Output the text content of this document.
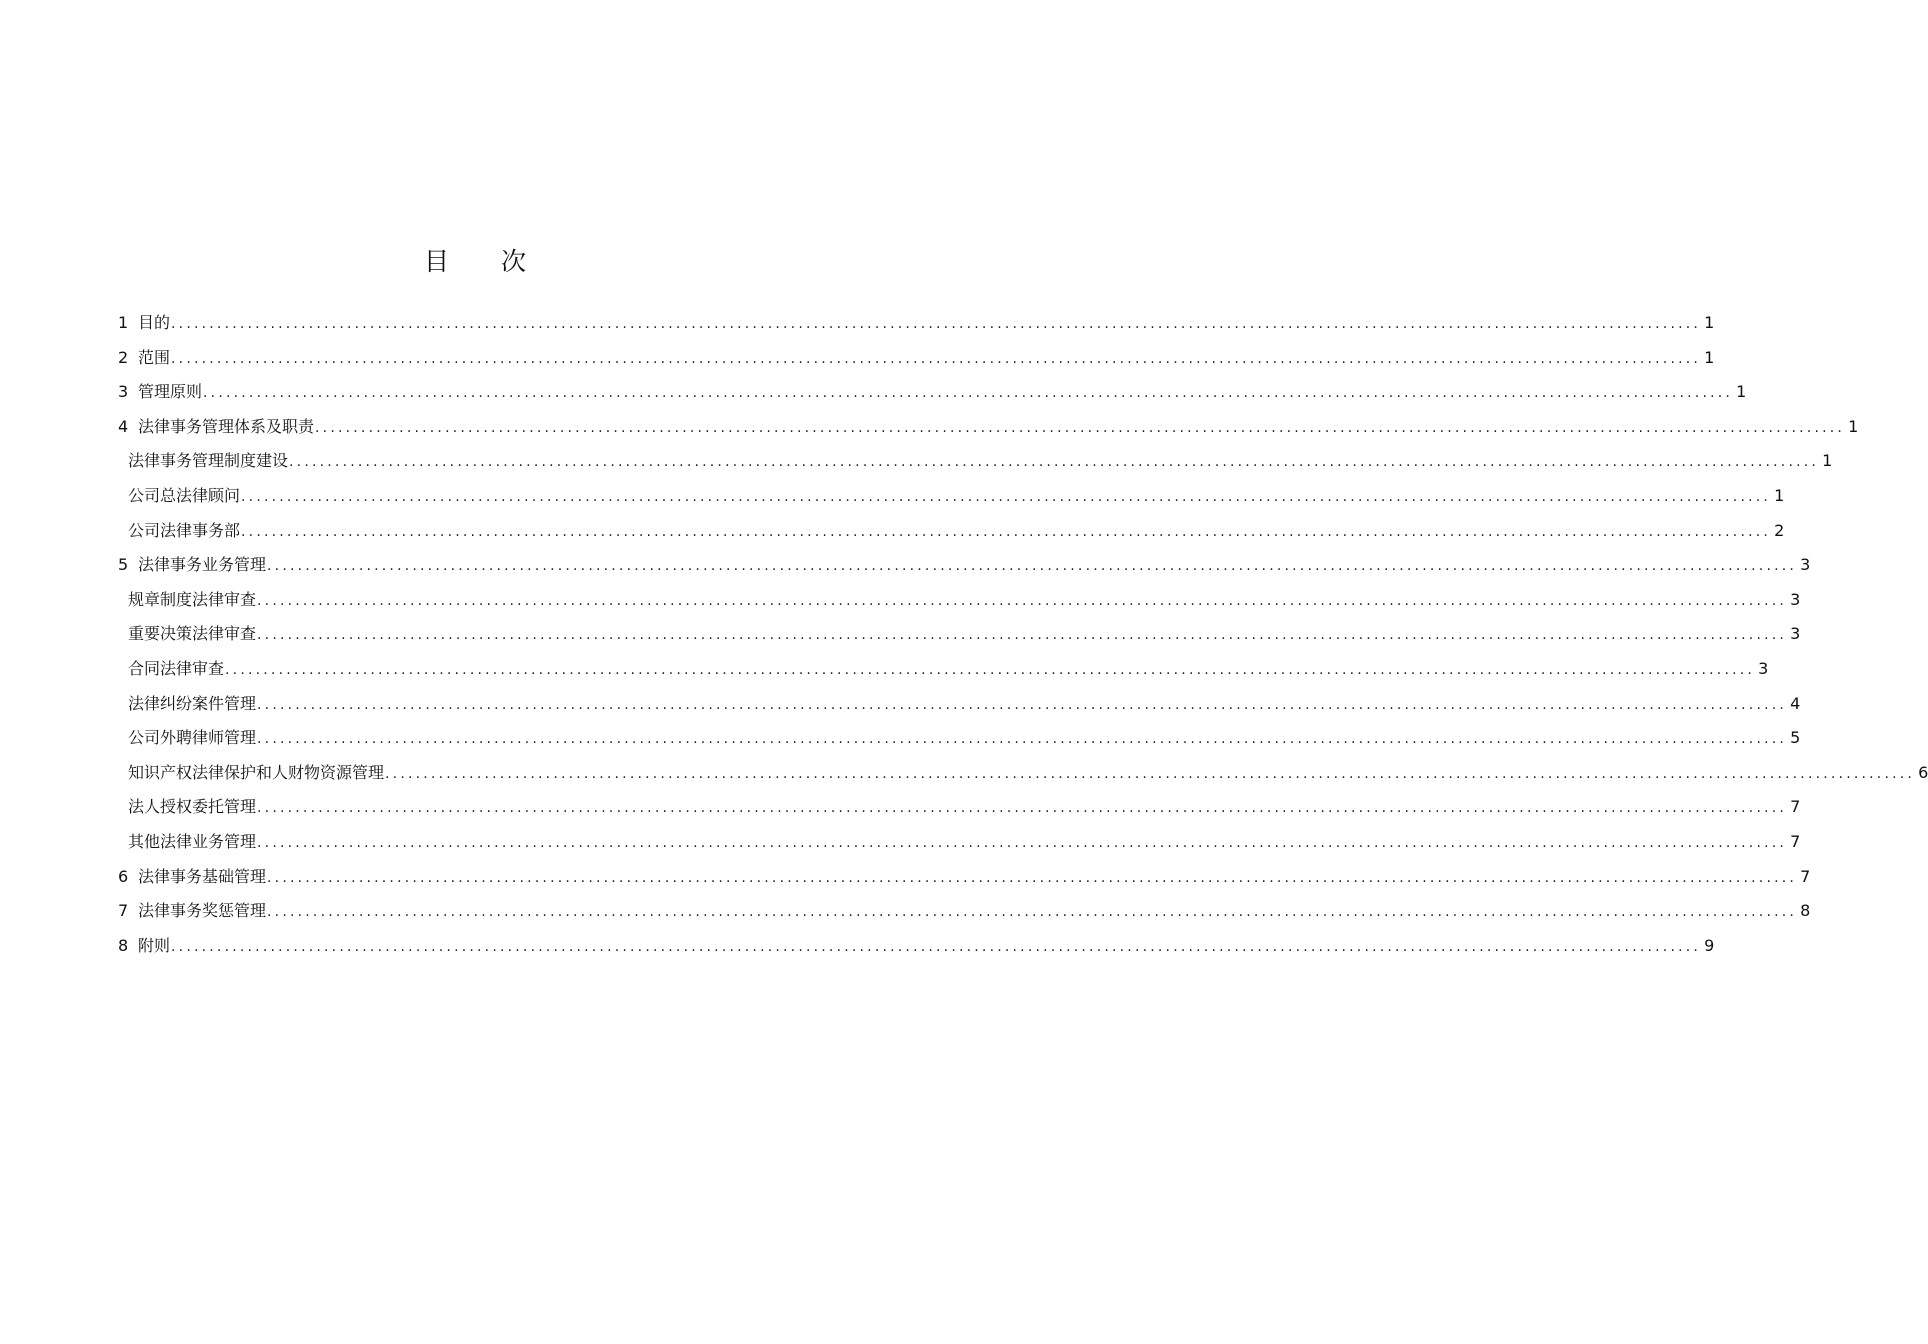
目 次
1 目的 ........................................................................................................................................................................................................ 1
2 范围 ........................................................................................................................................................................................................ 1
3 管理原则 ........................................................................................................................................................................................................ 1
4 法律事务管理体系及职责 ........................................................................................................................................................................................................ 1
法律事务管理制度建设 ........................................................................................................................................................................................................ 1
公司总法律顾问 ........................................................................................................................................................................................................ 1
公司法律事务部 ........................................................................................................................................................................................................ 2
5 法律事务业务管理 ........................................................................................................................................................................................................ 3
规章制度法律审查 ........................................................................................................................................................................................................ 3
重要决策法律审查 ........................................................................................................................................................................................................ 3
合同法律审查 ........................................................................................................................................................................................................ 3
法律纠纷案件管理 ........................................................................................................................................................................................................ 4
公司外聘律师管理 ........................................................................................................................................................................................................ 5
知识产权法律保护和人财物资源管理 ........................................................................................................................................................................................................ 6
法人授权委托管理 ........................................................................................................................................................................................................ 7
其他法律业务管理 ........................................................................................................................................................................................................ 7
6 法律事务基础管理 ........................................................................................................................................................................................................ 7
7 法律事务奖惩管理 ........................................................................................................................................................................................................ 8
8 附则 ........................................................................................................................................................................................................ 9
